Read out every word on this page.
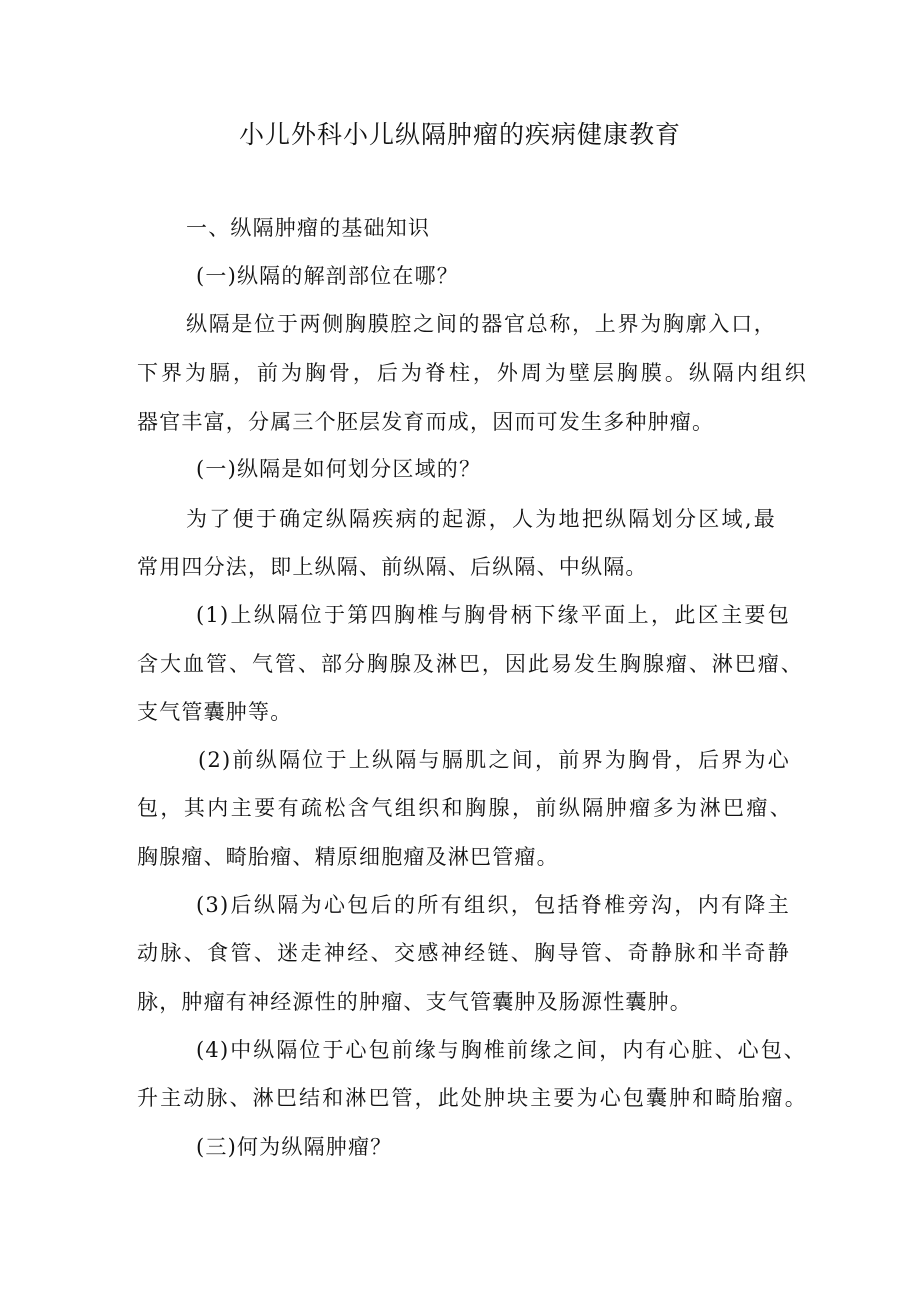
小儿外科小儿纵隔肿瘤的疾病健康教育

一、纵隔肿瘤的基础知识

(一)纵隔的解剖部位在哪？

纵隔是位于两侧胸膜腔之间的器官总称，上界为胸廓入口，

下界为膈，前为胸骨，后为脊柱，外周为壁层胸膜。纵隔内组织

器官丰富，分属三个胚层发育而成，因而可发生多种肿瘤。

(一)纵隔是如何划分区域的？

为了便于确定纵隔疾病的起源，人为地把纵隔划分区域,最

常用四分法，即上纵隔、前纵隔、后纵隔、中纵隔。

(1)上纵隔位于第四胸椎与胸骨柄下缘平面上，此区主要包

含大血管、气管、部分胸腺及淋巴，因此易发生胸腺瘤、淋巴瘤、

支气管囊肿等。

(2)前纵隔位于上纵隔与膈肌之间，前界为胸骨，后界为心

包，其内主要有疏松含气组织和胸腺，前纵隔肿瘤多为淋巴瘤、

胸腺瘤、畸胎瘤、精原细胞瘤及淋巴管瘤。

(3)后纵隔为心包后的所有组织，包括脊椎旁沟，内有降主

动脉、食管、迷走神经、交感神经链、胸导管、奇静脉和半奇静

脉，肿瘤有神经源性的肿瘤、支气管囊肿及肠源性囊肿。

(4)中纵隔位于心包前缘与胸椎前缘之间，内有心脏、心包、

升主动脉、淋巴结和淋巴管，此处肿块主要为心包囊肿和畸胎瘤。

(三)何为纵隔肿瘤？
